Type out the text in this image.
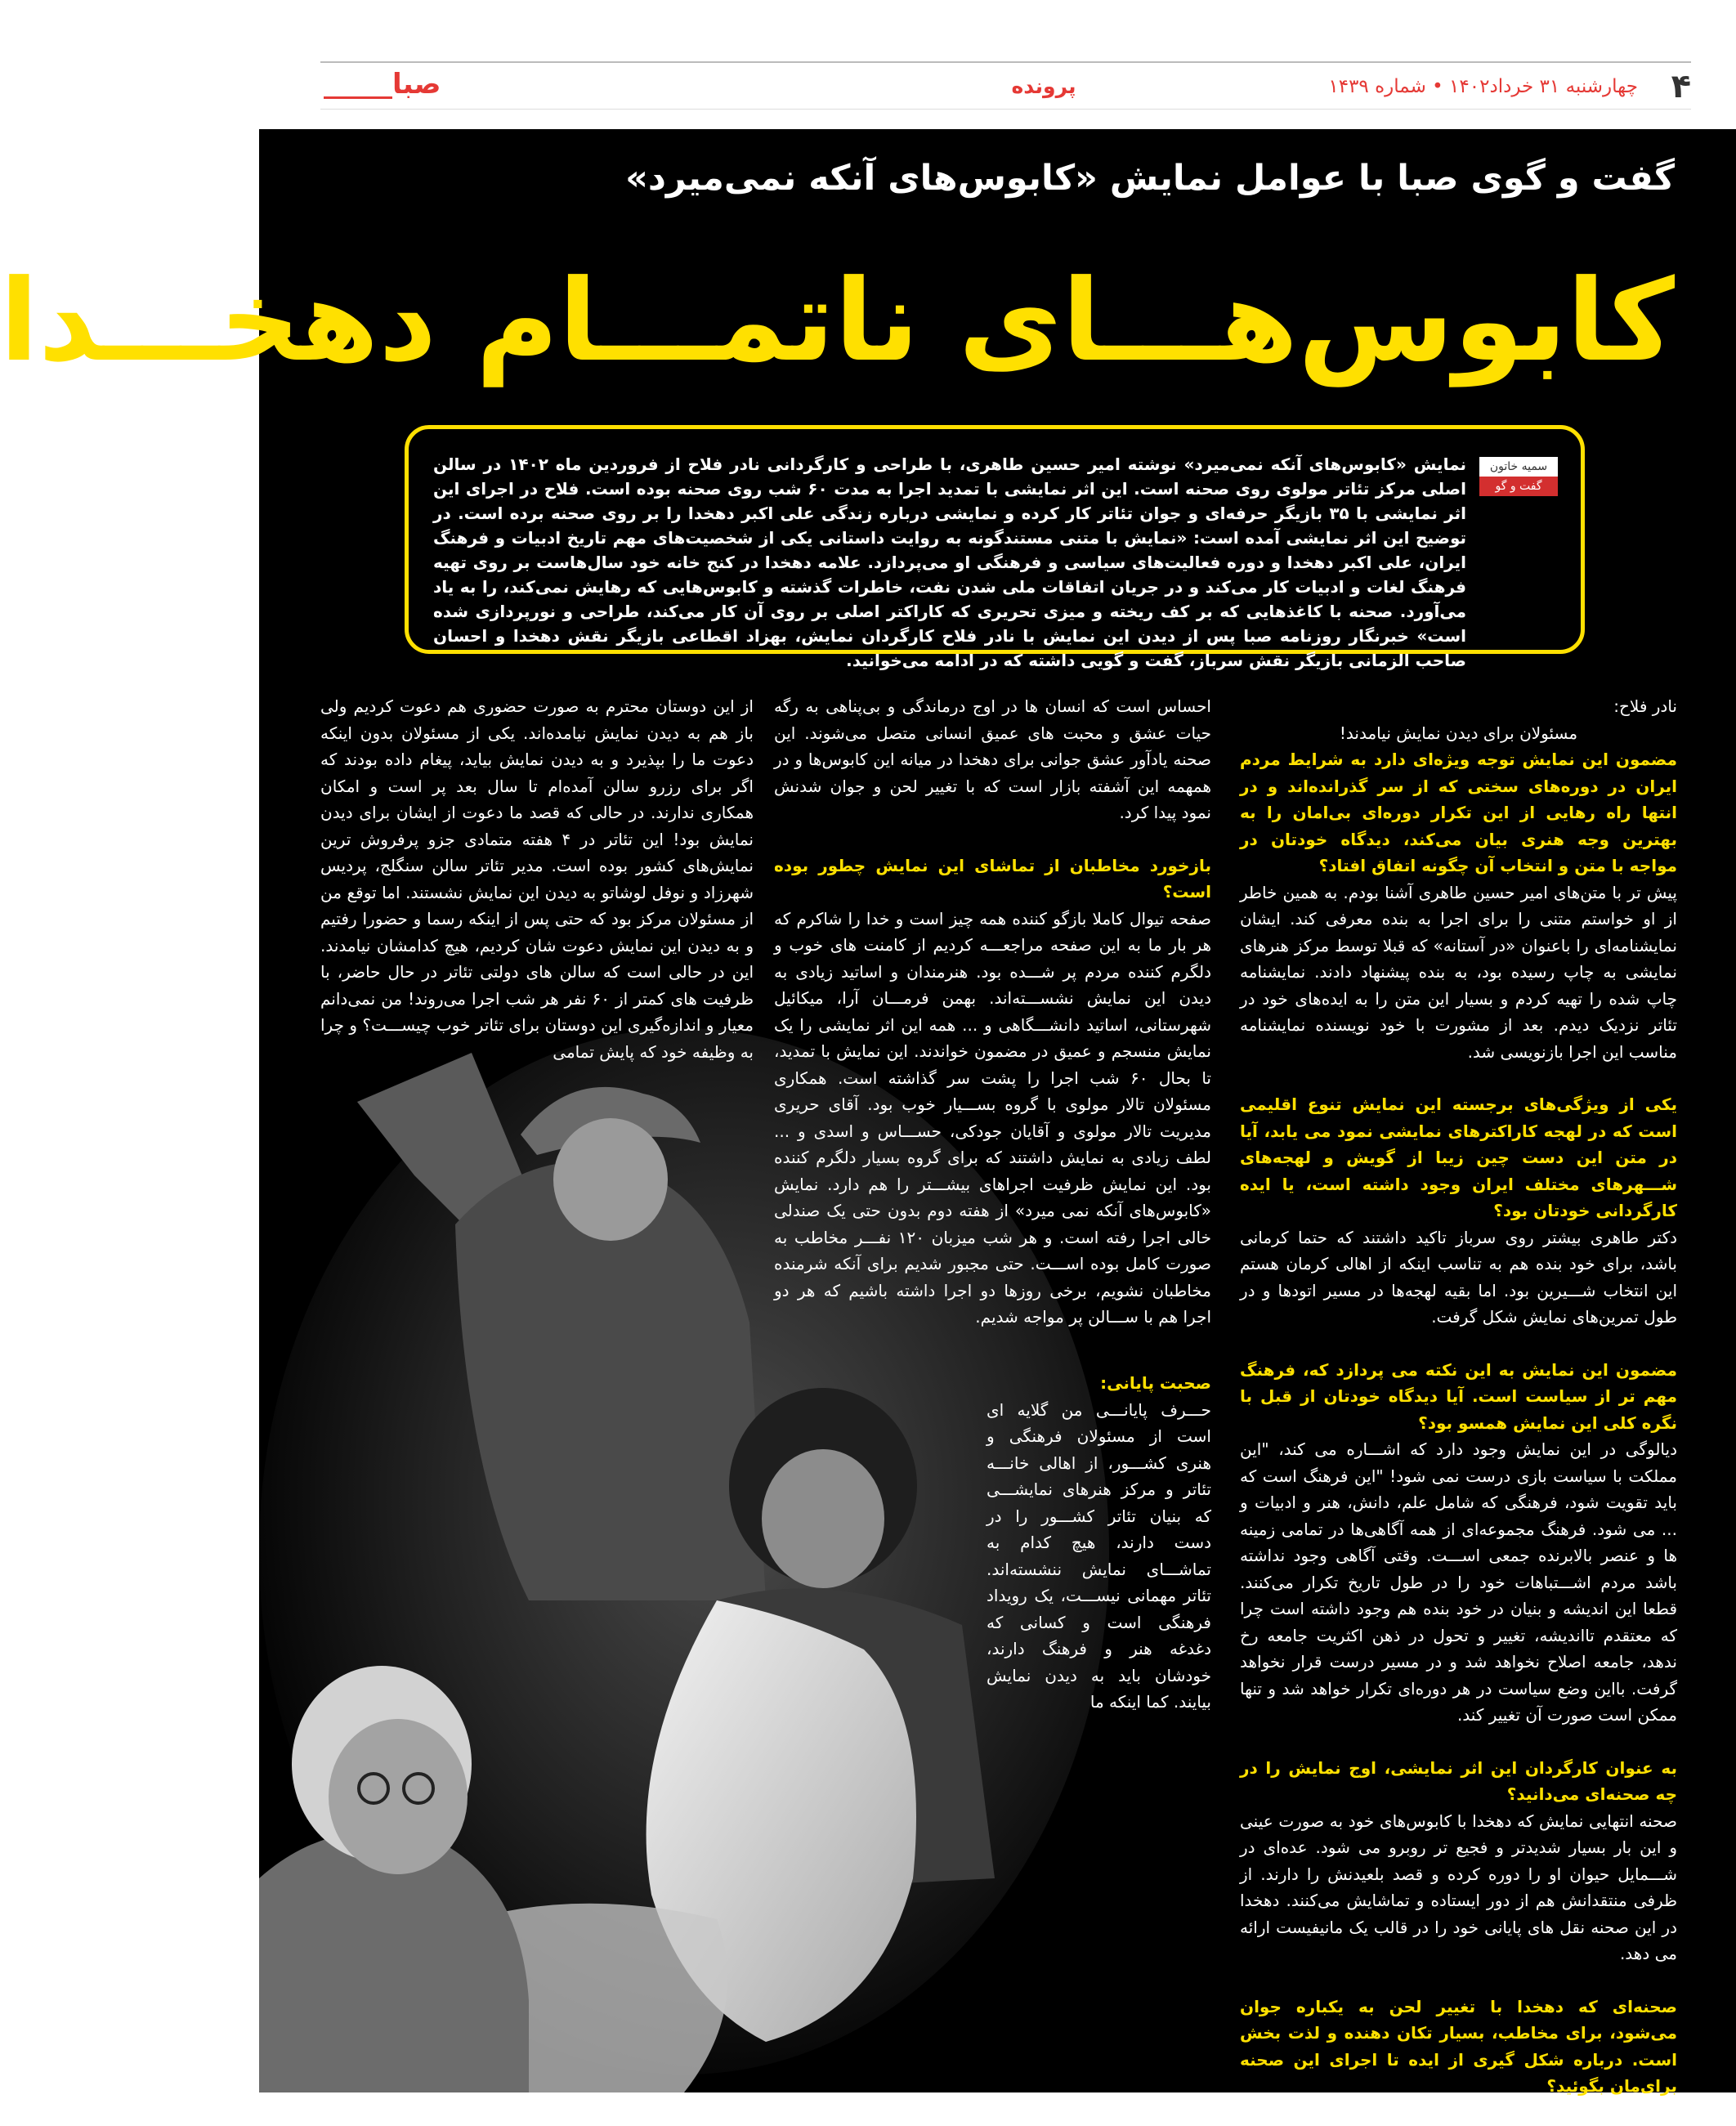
۴
چهارشنبه ۳۱ خرداد۱۴۰۲ • شماره ۱۴۳۹
پرونده
صبا
گفت و گوی صبا با عوامل نمایش «کابوس‌های آنکه نمی‌میرد»
کابوس‌هـــای ناتمـــام دهخـــدا
سمیه خاتون
گفت و گو
نمایش «کابوس‌های آنکه نمی‌میرد» نوشته امیر حسین طاهری، با طراحی و کارگردانی نادر فلاح از فروردین ماه ۱۴۰۲ در سالن اصلی مرکز تئاتر مولوی روی صحنه است. این اثر نمایشی با تمدید اجرا به مدت ۶۰ شب روی صحنه بوده است. فلاح در اجرای این اثر نمایشی با ۳۵ بازیگر حرفه‌ای و جوان تئاتر کار کرده و نمایشی درباره زندگی علی اکبر دهخدا را بر روی صحنه برده است. در توضیح این اثر نمایشی آمده است: «نمایش با متنی مستندگونه به روایت داستانی یکی از شخصیت‌های مهم تاریخ ادبیات و فرهنگ ایران، علی اکبر دهخدا و دوره فعالیت‌های سیاسی و فرهنگی او می‌پردازد. علامه دهخدا در کنج خانه خود سال‌هاست بر روی تهیه فرهنگ لغات و ادبیات کار می‌کند و در جریان اتفاقات ملی شدن نفت، خاطرات گذشته و کابوس‌هایی که رهایش نمی‌کند، را به یاد می‌آورد. صحنه با کاغذهایی که بر کف ریخته و میزی تحریری که کاراکتر اصلی بر روی آن کار می‌کند، طراحی و نورپردازی شده است» خبرنگار روزنامه صبا پس از دیدن این نمایش با نادر فلاح کارگردان نمایش، بهزاد اقطاعی بازیگر نقش دهخدا و احسان صاحب الزمانی بازیگر نقش سرباز، گفت و گویی داشته که در ادامه می‌خوانید.

نادر فلاح:

مسئولان برای دیدن نمایش نیامدند!

مضمون این نمایش توجه ویژه‌ای دارد به شرایط مردم ایران در دوره‌های سختی که از سر گذرانده‌اند و در انتها راه رهایی از این تکرار دوره‌ای بی‌امان را به بهترین وجه هنری بیان می‌کند، دیدگاه خودتان در مواجه با متن و انتخاب آن چگونه اتفاق افتاد؟

پیش تر با متن‌های امیر حسین طاهری آشنا بودم. به همین خاطر از او خواستم متنی را برای اجرا به بنده معرفی کند. ایشان نمایشنامه‌ای را باعنوان «در آستانه» که قبلا توسط مرکز هنرهای نمایشی به چاپ رسیده بود، به بنده پیشنهاد دادند. نمایشنامه چاپ شده را تهیه کردم و بسیار این متن را به ایده‌های خود در تئاتر نزدیک دیدم. بعد از مشورت با خود نویسنده نمایشنامه مناسب این اجرا بازنویسی شد.

یکی از ویژگی‌های برجسته این نمایش تنوع اقلیمی است که در لهجه کاراکترهای نمایشی نمود می یابد، آیا در متن این دست چین زیبا از گویش و لهجه‌های شـــهرهای مختلف ایران وجود داشته است، یا ایده کارگردانی خودتان بود؟

دکتر طاهری بیشتر روی سرباز تاکید داشتند که حتما کرمانی باشد، برای خود بنده هم به تناسب اینکه از اهالی کرمان هستم این انتخاب شـــیرین بود. اما بقیه لهجه‌ها در مسیر اتودها و در طول تمرین‌های نمایش شکل گرفت.

مضمون این نمایش به این نکته می پردازد که، فرهنگ مهم تر از سیاست است. آیا دیدگاه خودتان از قبل با نگره کلی این نمایش همسو بود؟

دیالوگی در این نمایش وجود دارد که اشـــاره می کند، "این مملکت با سیاست بازی درست نمی شود! "این فرهنگ است که باید تقویت شود، فرهنگی که شامل علم، دانش، هنر و ادبیات و ... می شود. فرهنگ مجموعه‌ای از همه آگاهی‌ها در تمامی زمینه ها و عنصر بالابرنده جمعی اســـت. وقتی آگاهی وجود نداشته باشد مردم اشـــتباهات خود را در طول تاریخ تکرار می‌کنند. قطعا این اندیشه و بنیان در خود بنده هم وجود داشته است چرا که معتقدم تااندیشه، تغییر و تحول در ذهن اکثریت جامعه رخ ندهد، جامعه اصلاح نخواهد شد و در مسیر درست قرار نخواهد گرفت. بااین وضع سیاست در هر دوره‌ای تکرار خواهد شد و تنها ممکن است صورت آن تغییر کند.

به عنوان کارگردان این اثر نمایشی، اوج نمایش را در چه صحنه‌ای می‌دانید؟

صحنه انتهایی نمایش که دهخدا با کابوس‌های خود به صورت عینی و این بار بسیار شدیدتر و فجیع تر روبرو می شود. عده‌ای در شـــمایل حیوان او را دوره کرده و قصد بلعیدنش را دارند. از ظرفی منتقدانش هم از دور ایستاده و تماشایش می‌کنند. دهخدا در این صحنه نقل های پایانی خود را در قالب یک مانیفیست ارائه می دهد.

صحنه‌ای که دهخدا با تغییر لحن به یکباره جوان می‌شود، برای مخاطب، بسیار تکان دهنده و لذت بخش است. درباره شکل گیری از ایده تا اجرای این صحنه برای‌مان بگوئید؟

تنها صحنه عاشقانه نمایش همین صحنه است و تداعی گر این

احساس است که انسان ها در اوج درماندگی و بی‌پناهی به رگه حیات عشق و محبت های عمیق انسانی متصل می‌شوند. این صحنه یادآور عشق جوانی برای دهخدا در میانه این کابوس‌ها و در همهمه این آشفته بازار است که با تغییر لحن و جوان شدنش نمود پیدا کرد.

بازخورد مخاطبان از تماشای این نمایش چطور بوده است؟

صفحه تیوال کاملا بازگو کننده همه چیز است و خدا را شاکرم که هر بار ما به این صفحه مراجعـــه کردیم از کامنت های خوب و دلگرم کننده مردم پر شـــده بود. هنرمندان و اساتید زیادی به دیدن این نمایش نشســـته‌اند. بهمن فرمـــان آرا، میکائیل شهرستانی، اساتید دانشـــگاهی و ... همه این اثر نمایشی را یک نمایش منسجم و عمیق در مضمون خواندند. این نمایش با تمدید، تا بحال ۶۰ شب اجرا را پشت سر گذاشته است. همکاری مسئولان تالار مولوی با گروه بســـیار خوب بود. آقای حریری مدیریت تالار مولوی و آقایان جودکی، حســـاس و اسدی و ... لطف زیادی به نمایش داشتند که برای گروه بسیار دلگرم کننده بود. این نمایش ظرفیت اجراهای بیشـــتر را هم دارد. نمایش «کابوس‌های آنکه نمی میرد» از هفته دوم بدون حتی یک صندلی خالی اجرا رفته است. و هر شب میزبان ۱۲۰ نفـــر مخاطب به صورت کامل بوده اســـت. حتی مجبور شدیم برای آنکه شرمنده مخاطبان نشویم، برخی روزها دو اجرا داشته باشیم که هر دو اجرا هم با ســـالن پر مواجه شدیم.

صحبت پایانی:

حـــرف پایانـــی من گلایه ای است از مسئولان فرهنگی و هنری کشـــور، از اهالی خانـــه تئاتر و مرکز هنرهای نمایشـــی که بنیان تئاتر کشـــور را در دست دارند، هیچ کدام به تماشـــای نمایش ننشسته‌اند. تئاتر مهمانی نیســـت، یک رویداد فرهنگی است و کسانی که دغدغه هنر و فرهنگ دارند، خودشان باید به دیدن نمایش بیایند. کما اینکه ما

از این دوستان محترم به صورت حضوری هم دعوت کردیم ولی باز هم به دیدن نمایش نیامده‌اند. یکی از مسئولان بدون اینکه دعوت ما را بپذیرد و به دیدن نمایش بیاید، پیغام داده بودند که اگر برای رزرو سالن آمده‌ام تا سال بعد پر است و امکان همکاری ندارند. در حالی که قصد ما دعوت از ایشان برای دیدن نمایش بود! این تئاتر در ۴ هفته متمادی جزو پرفروش ترین نمایش‌های کشور بوده است. مدیر تئاتر سالن سنگلج، پردیس شهرزاد و نوفل لوشاتو به دیدن این نمایش نشستند. اما توقع من از مسئولان مرکز بود که حتی پس از اینکه رسما و حضورا رفتیم و به دیدن این نمایش دعوت شان کردیم، هیچ کدامشان نیامدند. این در حالی است که سالن های دولتی تئاتر در حال حاضر، با ظرفیت های کمتر از ۶۰ نفر هر شب اجرا می‌روند! من نمی‌دانم معیار و اندازه‌گیری این دوستان برای تئاتر خوب چیســـت؟ و چرا به وظیفه خود که پایش تمامی
